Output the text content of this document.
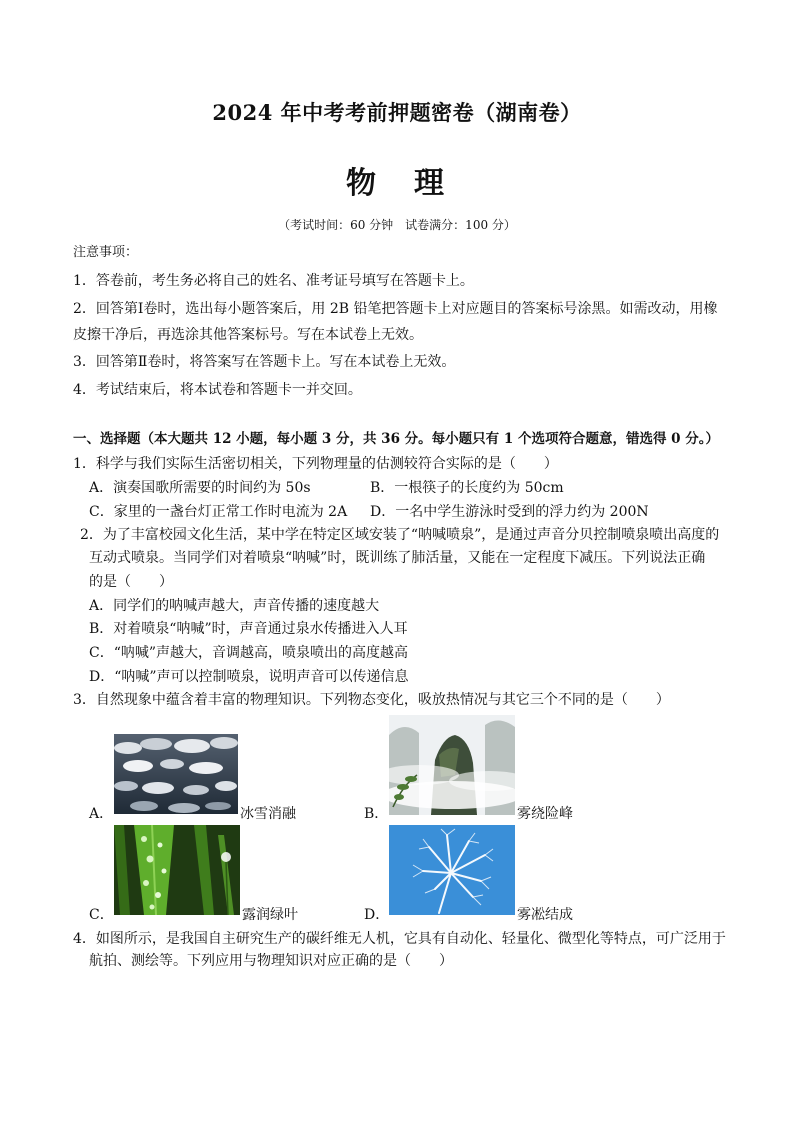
2024 年中考考前押题密卷（湖南卷）
物　理
（考试时间：60 分钟　试卷满分：100 分）
注意事项：
1．答卷前，考生务必将自己的姓名、准考证号填写在答题卡上。
2．回答第Ⅰ卷时，选出每小题答案后，用 2B 铅笔把答题卡上对应题目的答案标号涂黑。如需改动，用橡
皮擦干净后，再选涂其他答案标号。写在本试卷上无效。
3．回答第Ⅱ卷时，将答案写在答题卡上。写在本试卷上无效。
4．考试结束后，将本试卷和答题卡一并交回。
一、选择题（本大题共 12 小题，每小题 3 分，共 36 分。每小题只有 1 个选项符合题意，错选得 0 分。）
1．科学与我们实际生活密切相关，下列物理量的估测较符合实际的是（　　）
A．演奏国歌所需要的时间约为 50s	B．一根筷子的长度约为 50cm
C．家里的一盏台灯正常工作时电流为 2A D．一名中学生游泳时受到的浮力约为 200N
2．为了丰富校园文化生活，某中学在特定区域安装了“呐喊喷泉”，是通过声音分贝控制喷泉喷出高度的
互动式喷泉。当同学们对着喷泉“呐喊”时，既训练了肺活量，又能在一定程度下减压。下列说法正确
的是（　　）
A．同学们的呐喊声越大，声音传播的速度越大
B．对着喷泉“呐喊”时，声音通过泉水传播进入人耳
C．“呐喊”声越大，音调越高，喷泉喷出的高度越高
D．“呐喊”声可以控制喷泉，说明声音可以传递信息
3．自然现象中蕴含着丰富的物理知识。下列物态变化，吸放热情况与其它三个不同的是（　　）
A．	冰雪消融	B．	雾绕险峰
C．	露润绿叶	D．	雾凇结成
4．如图所示，是我国自主研究生产的碳纤维无人机，它具有自动化、轻量化、微型化等特点，可广泛用于
航拍、测绘等。下列应用与物理知识对应正确的是（　　）
